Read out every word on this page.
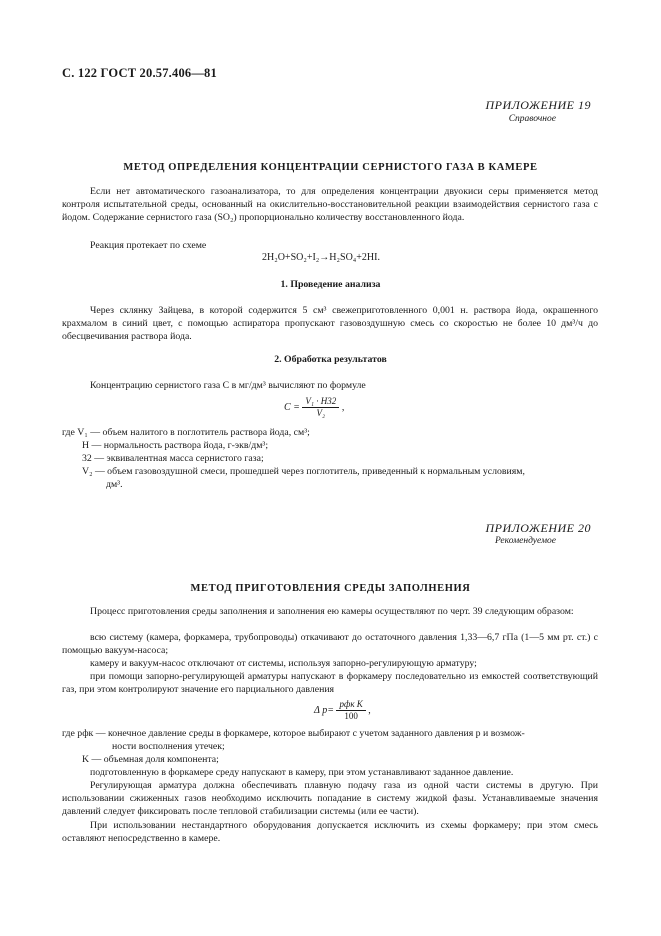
С. 122 ГОСТ 20.57.406—81
ПРИЛОЖЕНИЕ 19
Справочное
МЕТОД ОПРЕДЕЛЕНИЯ КОНЦЕНТРАЦИИ СЕРНИСТОГО ГАЗА В КАМЕРЕ
Если нет автоматического газоанализатора, то для определения концентрации двуокиси серы применяется метод контроля испытательной среды, основанный на окислительно-восстановительной реакции взаимодействия сернистого газа с йодом. Содержание сернистого газа (SO₂) пропорционально количеству восстановленного йода.
Реакция протекает по схеме
2H₂O+SO₂+I₂→H₂SO₄+2HI.
1. Проведение анализа
Через склянку Зайцева, в которой содержится 5 см³ свежеприготовленного 0,001 н. раствора йода, окрашенного крахмалом в синий цвет, с помощью аспиратора пропускают газовоздушную смесь со скоростью не более 10 дм³/ч до обесцвечивания раствора йода.
2. Обработка результатов
Концентрацию сернистого газа C в мг/дм³ вычисляют по формуле
$C = \frac{\text{V₁ · H32}}{\text{V₂}}$ ,
где V₁ — объем налитого в поглотитель раствора йода, см³;
H — нормальность раствора йода, г-экв/дм³;
32 — эквивалентная масса сернистого газа;
V₂ — объем газовоздушной смеси, прошедшей через поглотитель, приведенный к нормальным условиям,
дм³.
ПРИЛОЖЕНИЕ 20
Рекомендуемое
МЕТОД ПРИГОТОВЛЕНИЯ СРЕДЫ ЗАПОЛНЕНИЯ
Процесс приготовления среды заполнения и заполнения ею камеры осуществляют по черт. 39 следующим образом:
всю систему (камера, форкамера, трубопроводы) откачивают до остаточного давления 1,33—6,7 гПа (1—5 мм рт. ст.) с помощью вакуум-насоса;
камеру и вакуум-насос отключают от системы, используя запорно-регулирующую арматуру;
при помощи запорно-регулирующей арматуры напускают в форкамеру последовательно из емкостей соответствующий газ, при этом контролируют значение его парциального давления
Δ $p= \frac{\text{pфк K}}{100}$ ,
где pфк — конечное давление среды в форкамере, которое выбирают с учетом заданного давления p и возмож-
ности восполнения утечек;
K — объемная доля компонента;
подготовленную в форкамере среду напускают в камеру, при этом устанавливают заданное давление.
Регулирующая арматура должна обеспечивать плавную подачу газа из одной части системы в другую. При использовании сжиженных газов необходимо исключить попадание в систему жидкой фазы. Устанавливаемые значения давлений следует фиксировать после тепловой стабилизации системы (или ее части).
При использовании нестандартного оборудования допускается исключить из схемы форкамеру; при этом смесь оставляют непосредственно в камере.
